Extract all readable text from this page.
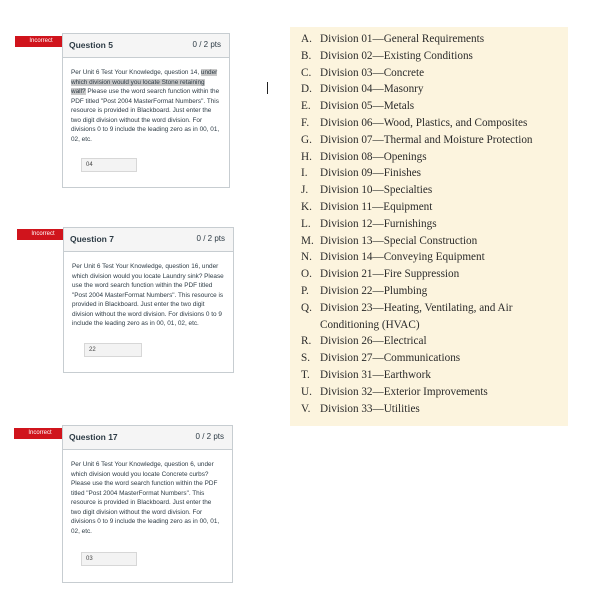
Incorrect	Question 5	0 / 2 pts
Per Unit 6 Test Your Knowledge, question 14, under which division would you locate Stone retaining wall? Please use the word search function within the PDF titled "Post 2004 MasterFormat Numbers". This resource is provided in Blackboard. Just enter the two digit division without the word division. For divisions 0 to 9 include the leading zero as in 00, 01, 02, etc.
04
Incorrect	Question 7	0 / 2 pts
Per Unit 6 Test Your Knowledge, question 16, under which division would you locate Laundry sink? Please use the word search function within the PDF titled "Post 2004 MasterFormat Numbers". This resource is provided in Blackboard. Just enter the two digit division without the word division. For divisions 0 to 9 include the leading zero as in 00, 01, 02, etc.
22
Incorrect	Question 17	0 / 2 pts
Per Unit 6 Test Your Knowledge, question 6, under which division would you locate Concrete curbs? Please use the word search function within the PDF titled "Post 2004 MasterFormat Numbers". This resource is provided in Blackboard. Just enter the two digit division without the word division. For divisions 0 to 9 include the leading zero as in 00, 01, 02, etc.
03
A. Division 01—General Requirements
B. Division 02—Existing Conditions
C. Division 03—Concrete
D. Division 04—Masonry
E. Division 05—Metals
F. Division 06—Wood, Plastics, and Composites
G. Division 07—Thermal and Moisture Protection
H. Division 08—Openings
I. Division 09—Finishes
J. Division 10—Specialties
K. Division 11—Equipment
L. Division 12—Furnishings
M. Division 13—Special Construction
N. Division 14—Conveying Equipment
O. Division 21—Fire Suppression
P. Division 22—Plumbing
Q. Division 23—Heating, Ventilating, and Air Conditioning (HVAC)
R. Division 26—Electrical
S. Division 27—Communications
T. Division 31—Earthwork
U. Division 32—Exterior Improvements
V. Division 33—Utilities
